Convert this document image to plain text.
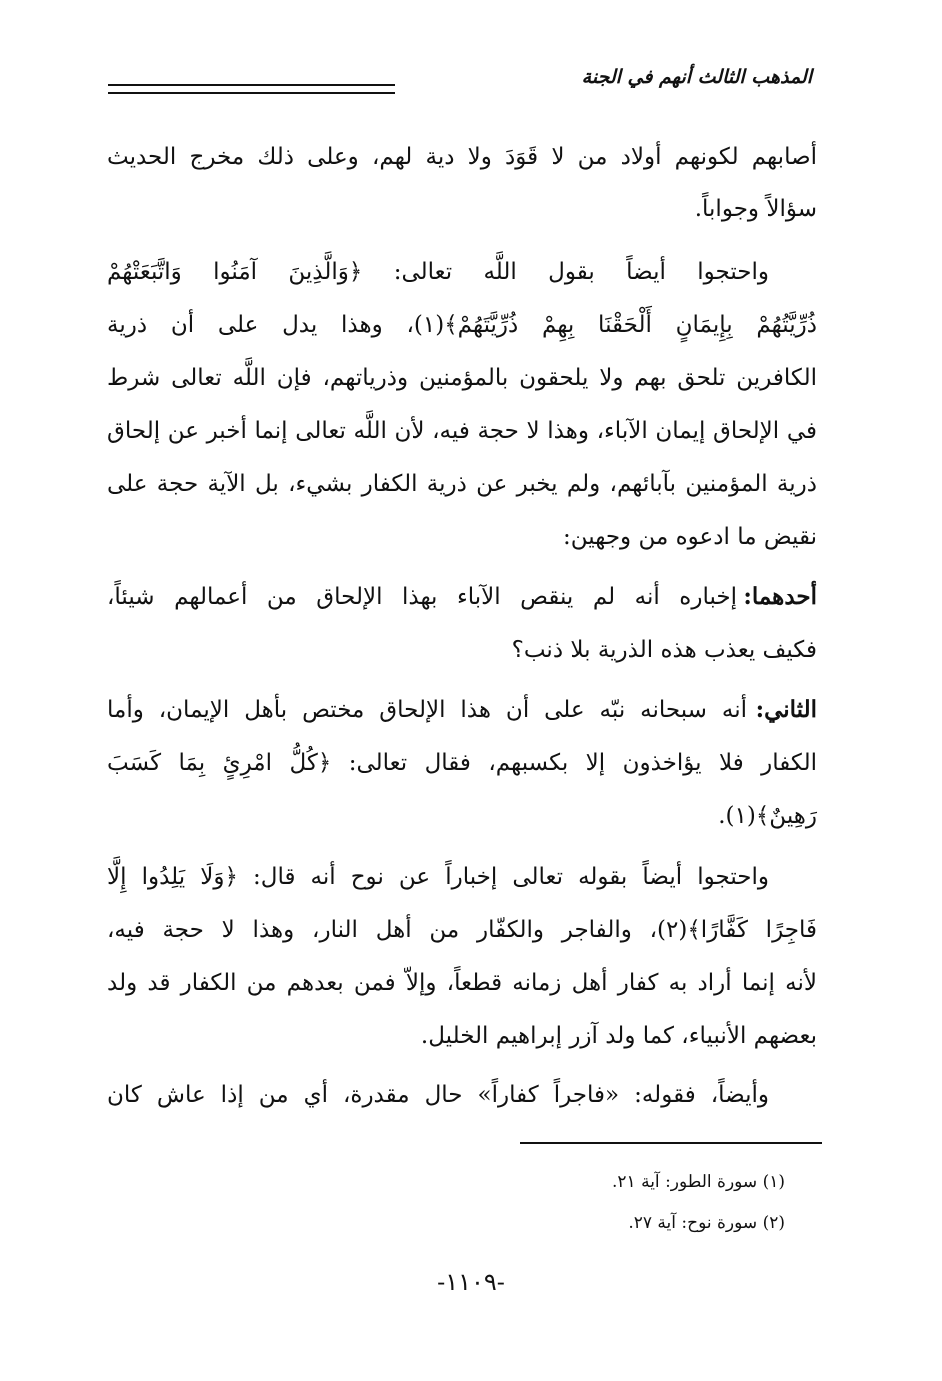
المذهب الثالث أنهم في الجنة
أصابهم لكونهم أولاد من لا قَوَدَ ولا دية لهم، وعلى ذلك مخرج الحديث
سؤالاً وجواباً.
واحتجوا أيضاً بقول اللَّه تعالى: ﴿وَالَّذِينَ آمَنُوا وَاتَّبَعَتْهُمْ
ذُرِّيَّتُهُمْ بِإِيمَانٍ أَلْحَقْنَا بِهِمْ ذُرِّيَّتَهُمْ﴾(١)، وهذا يدل على أن ذرية
الكافرين تلحق بهم ولا يلحقون بالمؤمنين وذرياتهم، فإن اللَّه تعالى شرط
في الإلحاق إيمان الآباء، وهذا لا حجة فيه، لأن اللَّه تعالى إنما أخبر عن إلحاق
ذرية المؤمنين بآبائهم، ولم يخبر عن ذرية الكفار بشيء، بل الآية حجة على
نقيض ما ادعوه من وجهين:
إخباره أنه لم ينقص الآباء بهذا الإلحاق من أعمالهم شيئاً، أحدهما:
فكيف يعذب هذه الذرية بلا ذنب؟
أنه سبحانه نبّه على أن هذا الإلحاق مختص بأهل الإيمان، وأما الثاني:
الكفار فلا يؤاخذون إلا بكسبهم، فقال تعالى: ﴿كُلُّ امْرِئٍ بِمَا كَسَبَ
رَهِينٌ﴾(١).
واحتجوا أيضاً بقوله تعالى إخباراً عن نوح أنه قال: ﴿وَلَا يَلِدُوا إِلَّا
فَاجِرًا كَفَّارًا﴾(٢)، والفاجر والكفّار من أهل النار، وهذا لا حجة فيه،
لأنه إنما أراد به كفار أهل زمانه قطعاً، وإلاّ فمن بعدهم من الكفار قد ولد
بعضهم الأنبياء، كما ولد آزر إبراهيم الخليل.
وأيضاً، فقوله: «فاجراً كفاراً» حال مقدرة، أي من إذا عاش كان
(١) سورة الطور: آية ٢١.
(٢) سورة نوح: آية ٢٧.
-١١٠٩-
